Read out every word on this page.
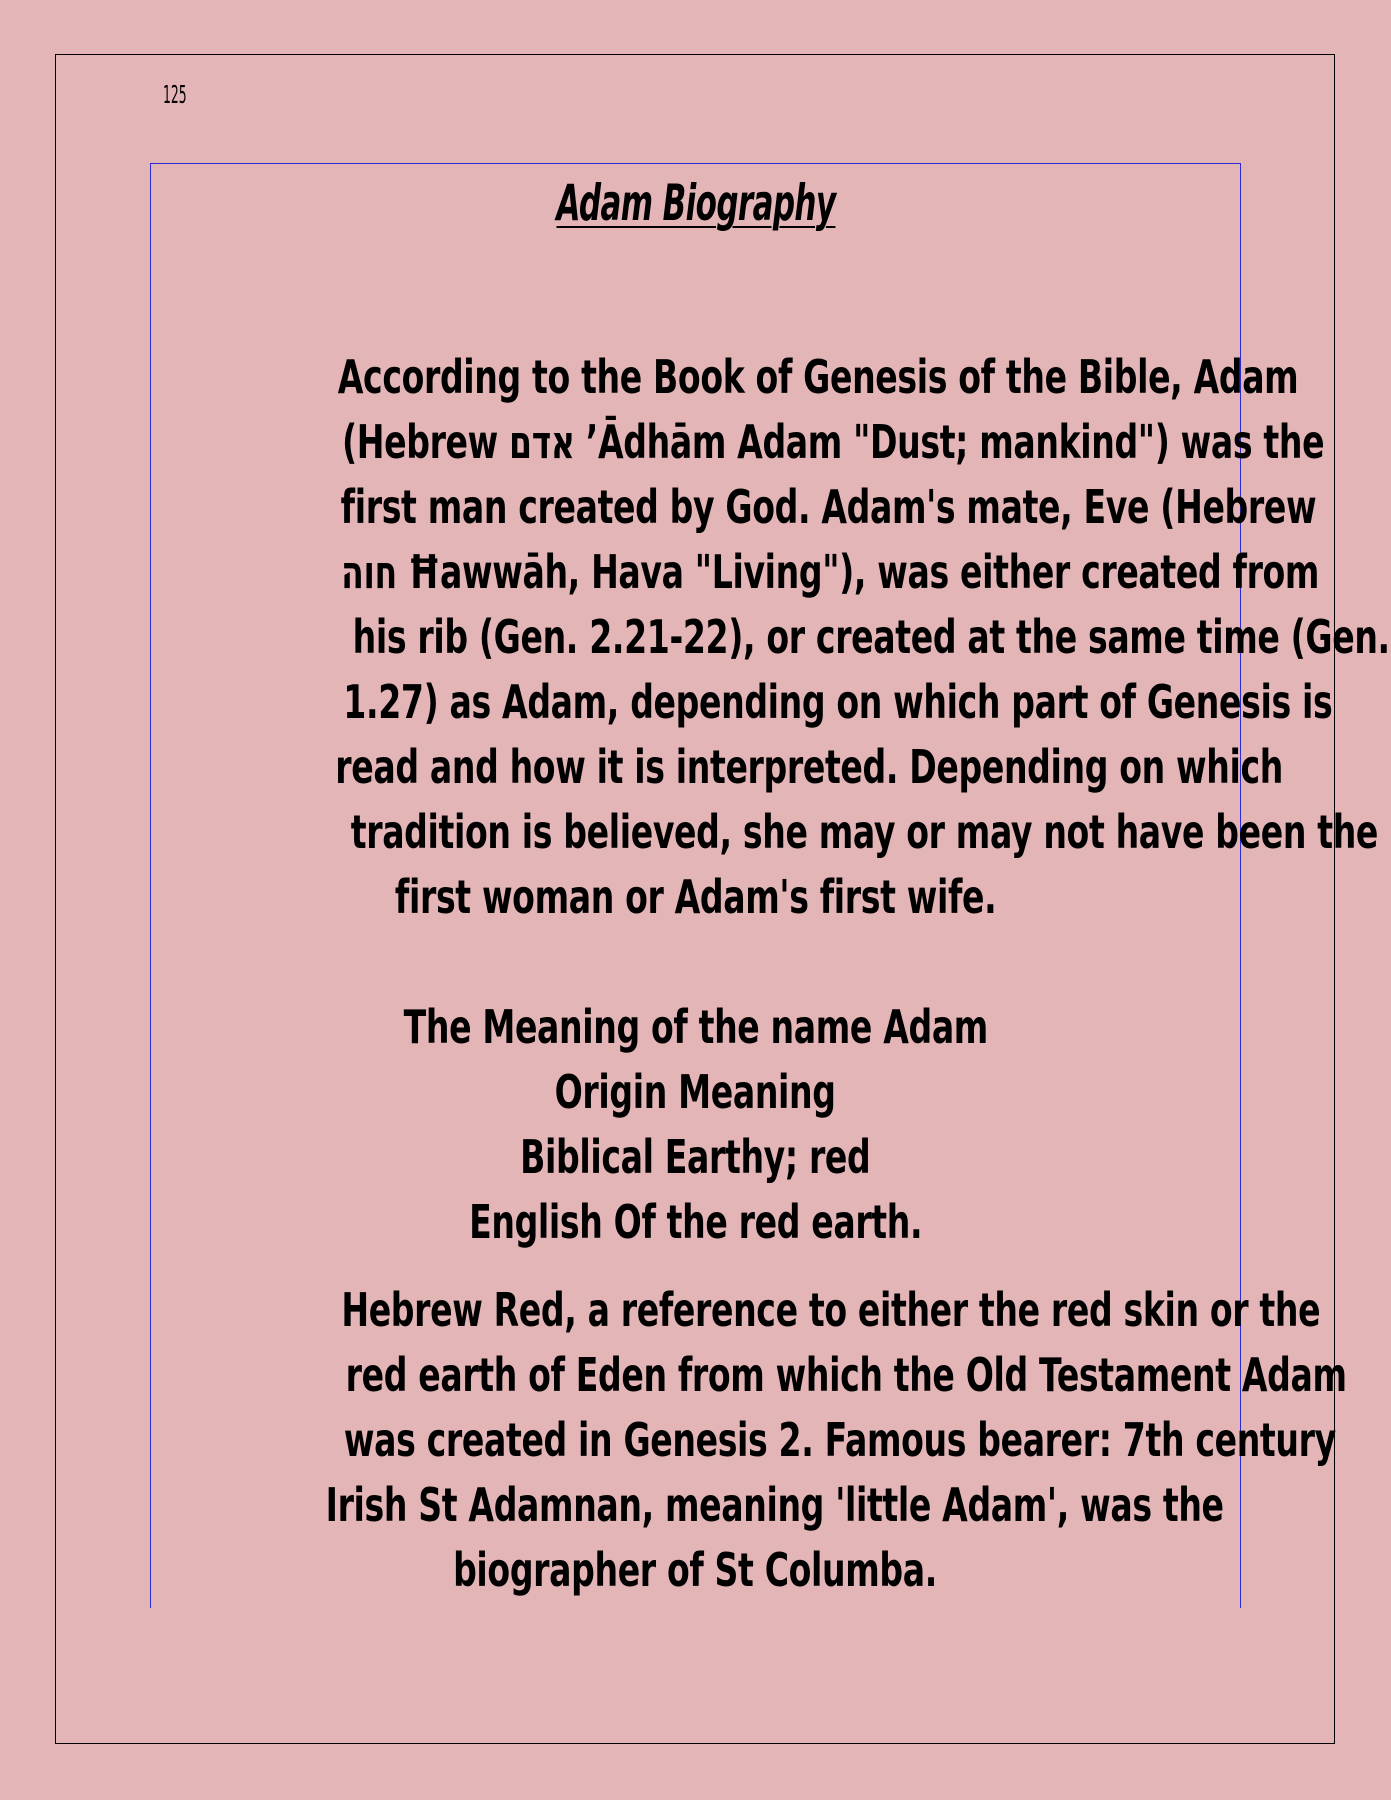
125
Adam Biography
According to the Book of Genesis of the Bible, Adam
(Hebrew אדם ʼĀdhām Adam "Dust; mankind") was the
first man created by God. Adam's mate, Eve (Hebrew
חוה Ħawwāh, Hava "Living"), was either created from
his rib (Gen. 2.21-22), or created at the same time (Gen.
1.27) as Adam, depending on which part of Genesis is
read and how it is interpreted. Depending on which
tradition is believed, she may or may not have been the
first woman or Adam's first wife.
The Meaning of the name Adam
Origin Meaning
Biblical Earthy; red
English Of the red earth.
Hebrew Red, a reference to either the red skin or the
red earth of Eden from which the Old Testament Adam
was created in Genesis 2. Famous bearer: 7th century
Irish St Adamnan, meaning 'little Adam', was the
biographer of St Columba.
